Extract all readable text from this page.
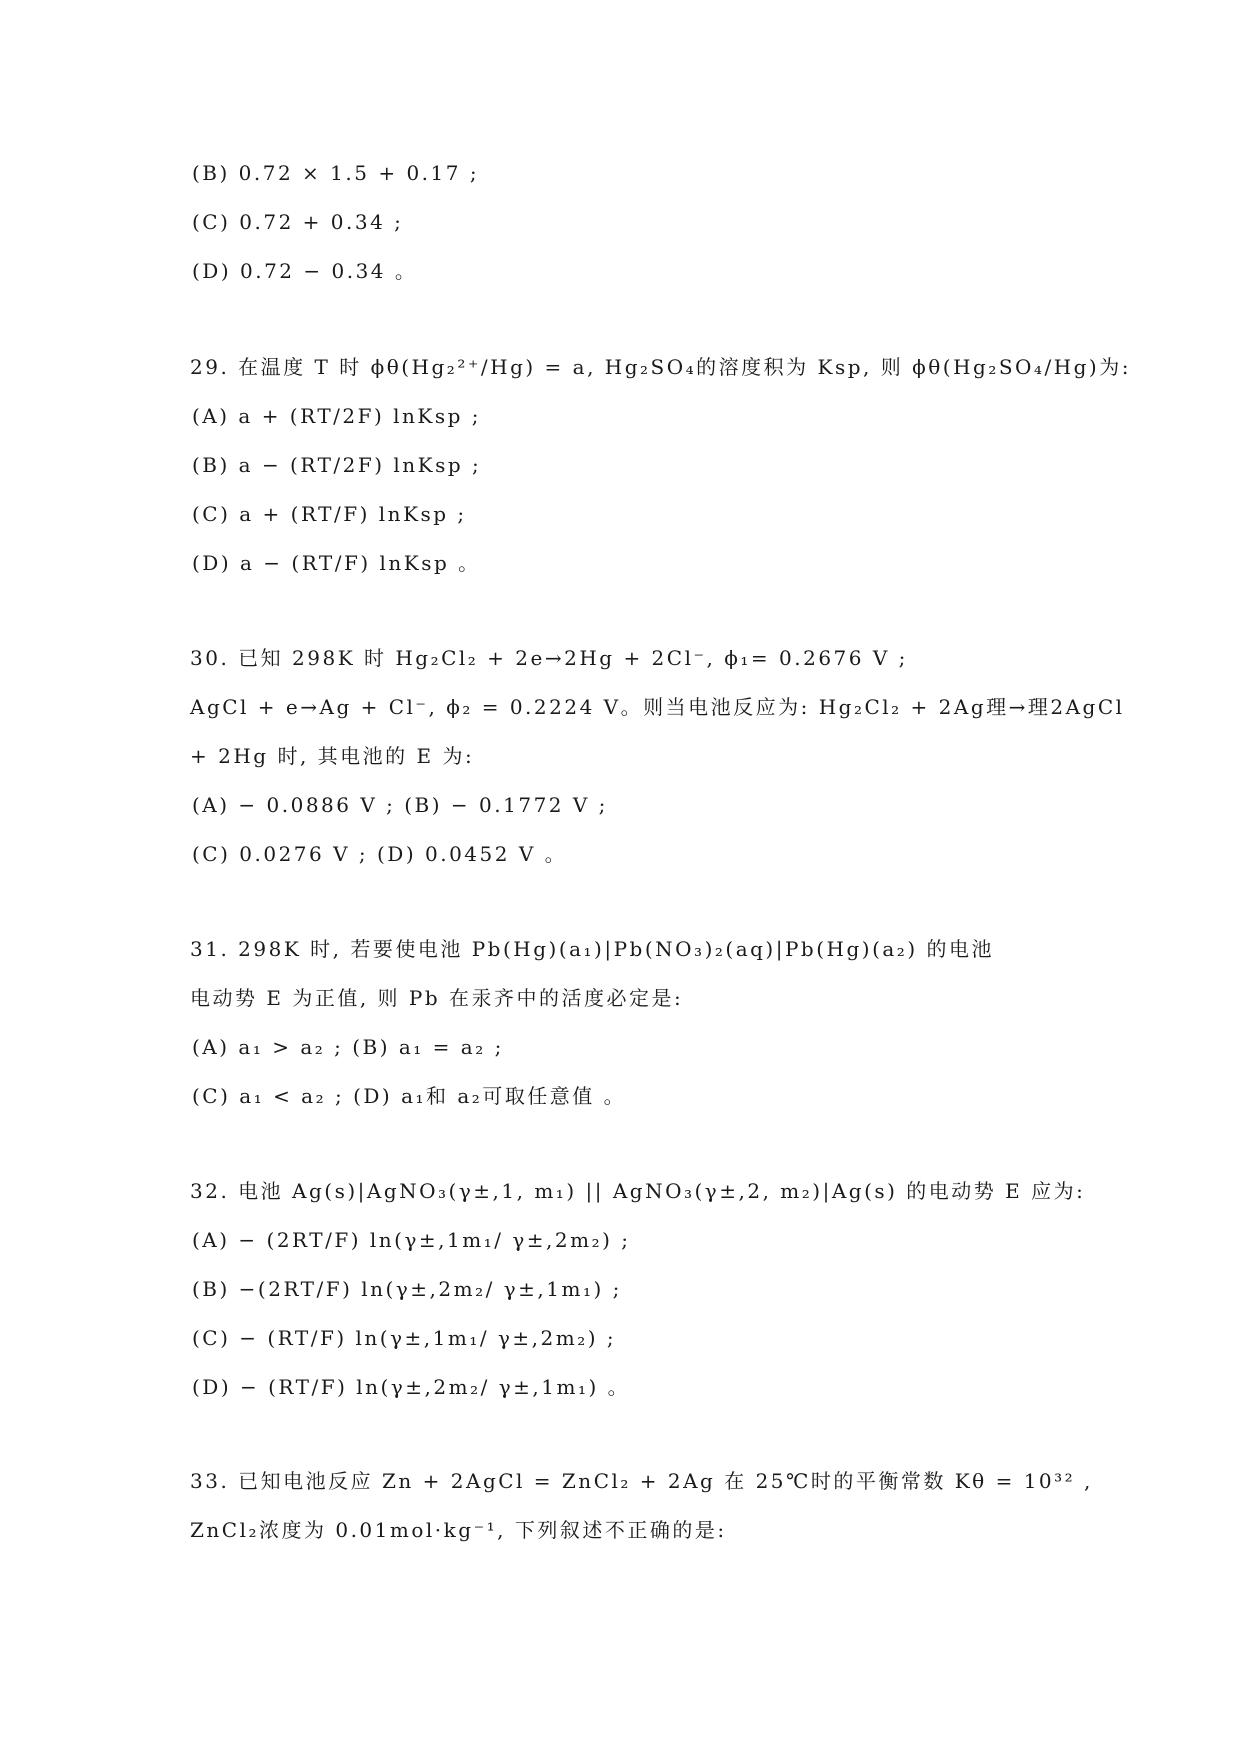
(B) 0.72 × 1.5 + 0.17 ;
(C) 0.72 + 0.34 ;
(D) 0.72 − 0.34 。
29. 在温度 T 时 ϕθ(Hg₂²⁺/Hg) = a, Hg₂SO₄的溶度积为 Ksp, 则 ϕθ(Hg₂SO₄/Hg)为:
(A) a + (RT/2F) lnKsp ;
(B) a − (RT/2F) lnKsp ;
(C) a + (RT/F) lnKsp ;
(D) a − (RT/F) lnKsp 。
30. 已知 298K 时 Hg₂Cl₂ + 2e→2Hg + 2Cl⁻, ϕ₁= 0.2676 V ;
AgCl + e→Ag + Cl⁻, ϕ₂ = 0.2224 V。则当电池反应为: Hg₂Cl₂ + 2Ag理→理2AgCl
+ 2Hg 时, 其电池的 E 为:
(A) − 0.0886 V ; (B) − 0.1772 V ;
(C) 0.0276 V ; (D) 0.0452 V 。
31. 298K 时, 若要使电池 Pb(Hg)(a₁)|Pb(NO₃)₂(aq)|Pb(Hg)(a₂) 的电池
电动势 E 为正值, 则 Pb 在汞齐中的活度必定是:
(A) a₁ > a₂ ; (B) a₁ = a₂ ;
(C) a₁ < a₂ ; (D) a₁和 a₂可取任意值 。
32. 电池 Ag(s)|AgNO₃(γ±,1, m₁) || AgNO₃(γ±,2, m₂)|Ag(s) 的电动势 E 应为:
(A) − (2RT/F) ln(γ±,1m₁/ γ±,2m₂) ;
(B) −(2RT/F) ln(γ±,2m₂/ γ±,1m₁) ;
(C) − (RT/F) ln(γ±,1m₁/ γ±,2m₂) ;
(D) − (RT/F) ln(γ±,2m₂/ γ±,1m₁) 。
33. 已知电池反应 Zn + 2AgCl = ZnCl₂ + 2Ag 在 25℃时的平衡常数 Kθ = 10³² ,
ZnCl₂浓度为 0.01mol·kg⁻¹, 下列叙述不正确的是:
